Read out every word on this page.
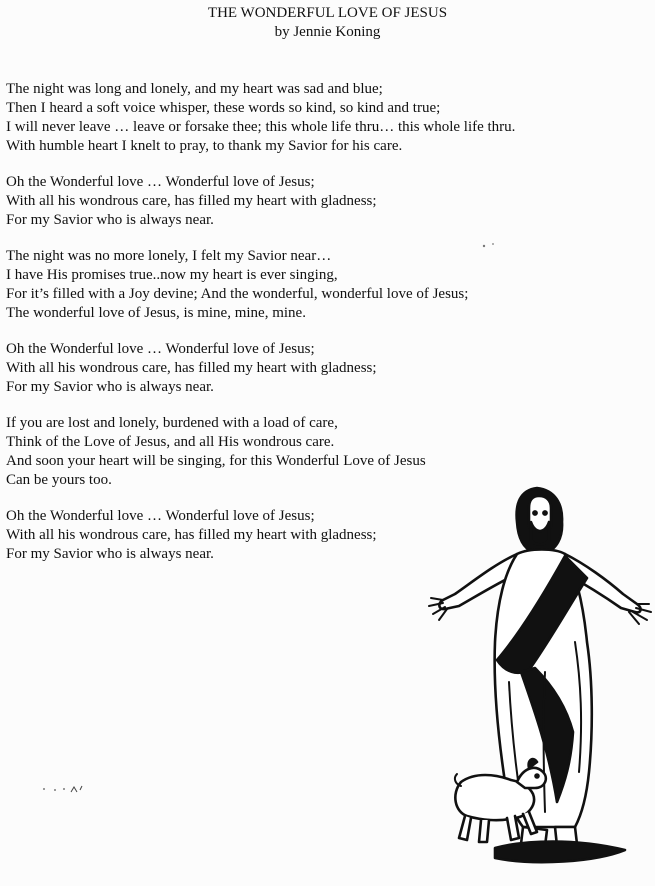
THE WONDERFUL LOVE OF JESUS
by Jennie Koning
The night was long and lonely, and my heart was sad and blue;
Then I heard a soft voice whisper, these words so kind, so kind and true;
I will never leave … leave or forsake thee; this whole life thru… this whole life thru.
With humble heart I knelt to pray, to thank my Savior for his care.
Oh the Wonderful love … Wonderful love of Jesus;
With all his wondrous care, has filled my heart with gladness;
For my Savior who is always near.
The night was no more lonely, I felt my Savior near…
I have His promises true..now my heart is ever singing,
For it’s filled with a Joy devine; And the wonderful, wonderful love of Jesus;
The wonderful love of Jesus, is mine, mine, mine.
Oh the Wonderful love … Wonderful love of Jesus;
With all his wondrous care, has filled my heart with gladness;
For my Savior who is always near.
If you are lost and lonely, burdened with a load of care,
Think of the Love of Jesus, and all His wondrous care.
And soon your heart will be singing, for this Wonderful Love of Jesus
Can be yours too.
Oh the Wonderful love … Wonderful love of Jesus;
With all his wondrous care, has filled my heart with gladness;
For my Savior who is always near.
